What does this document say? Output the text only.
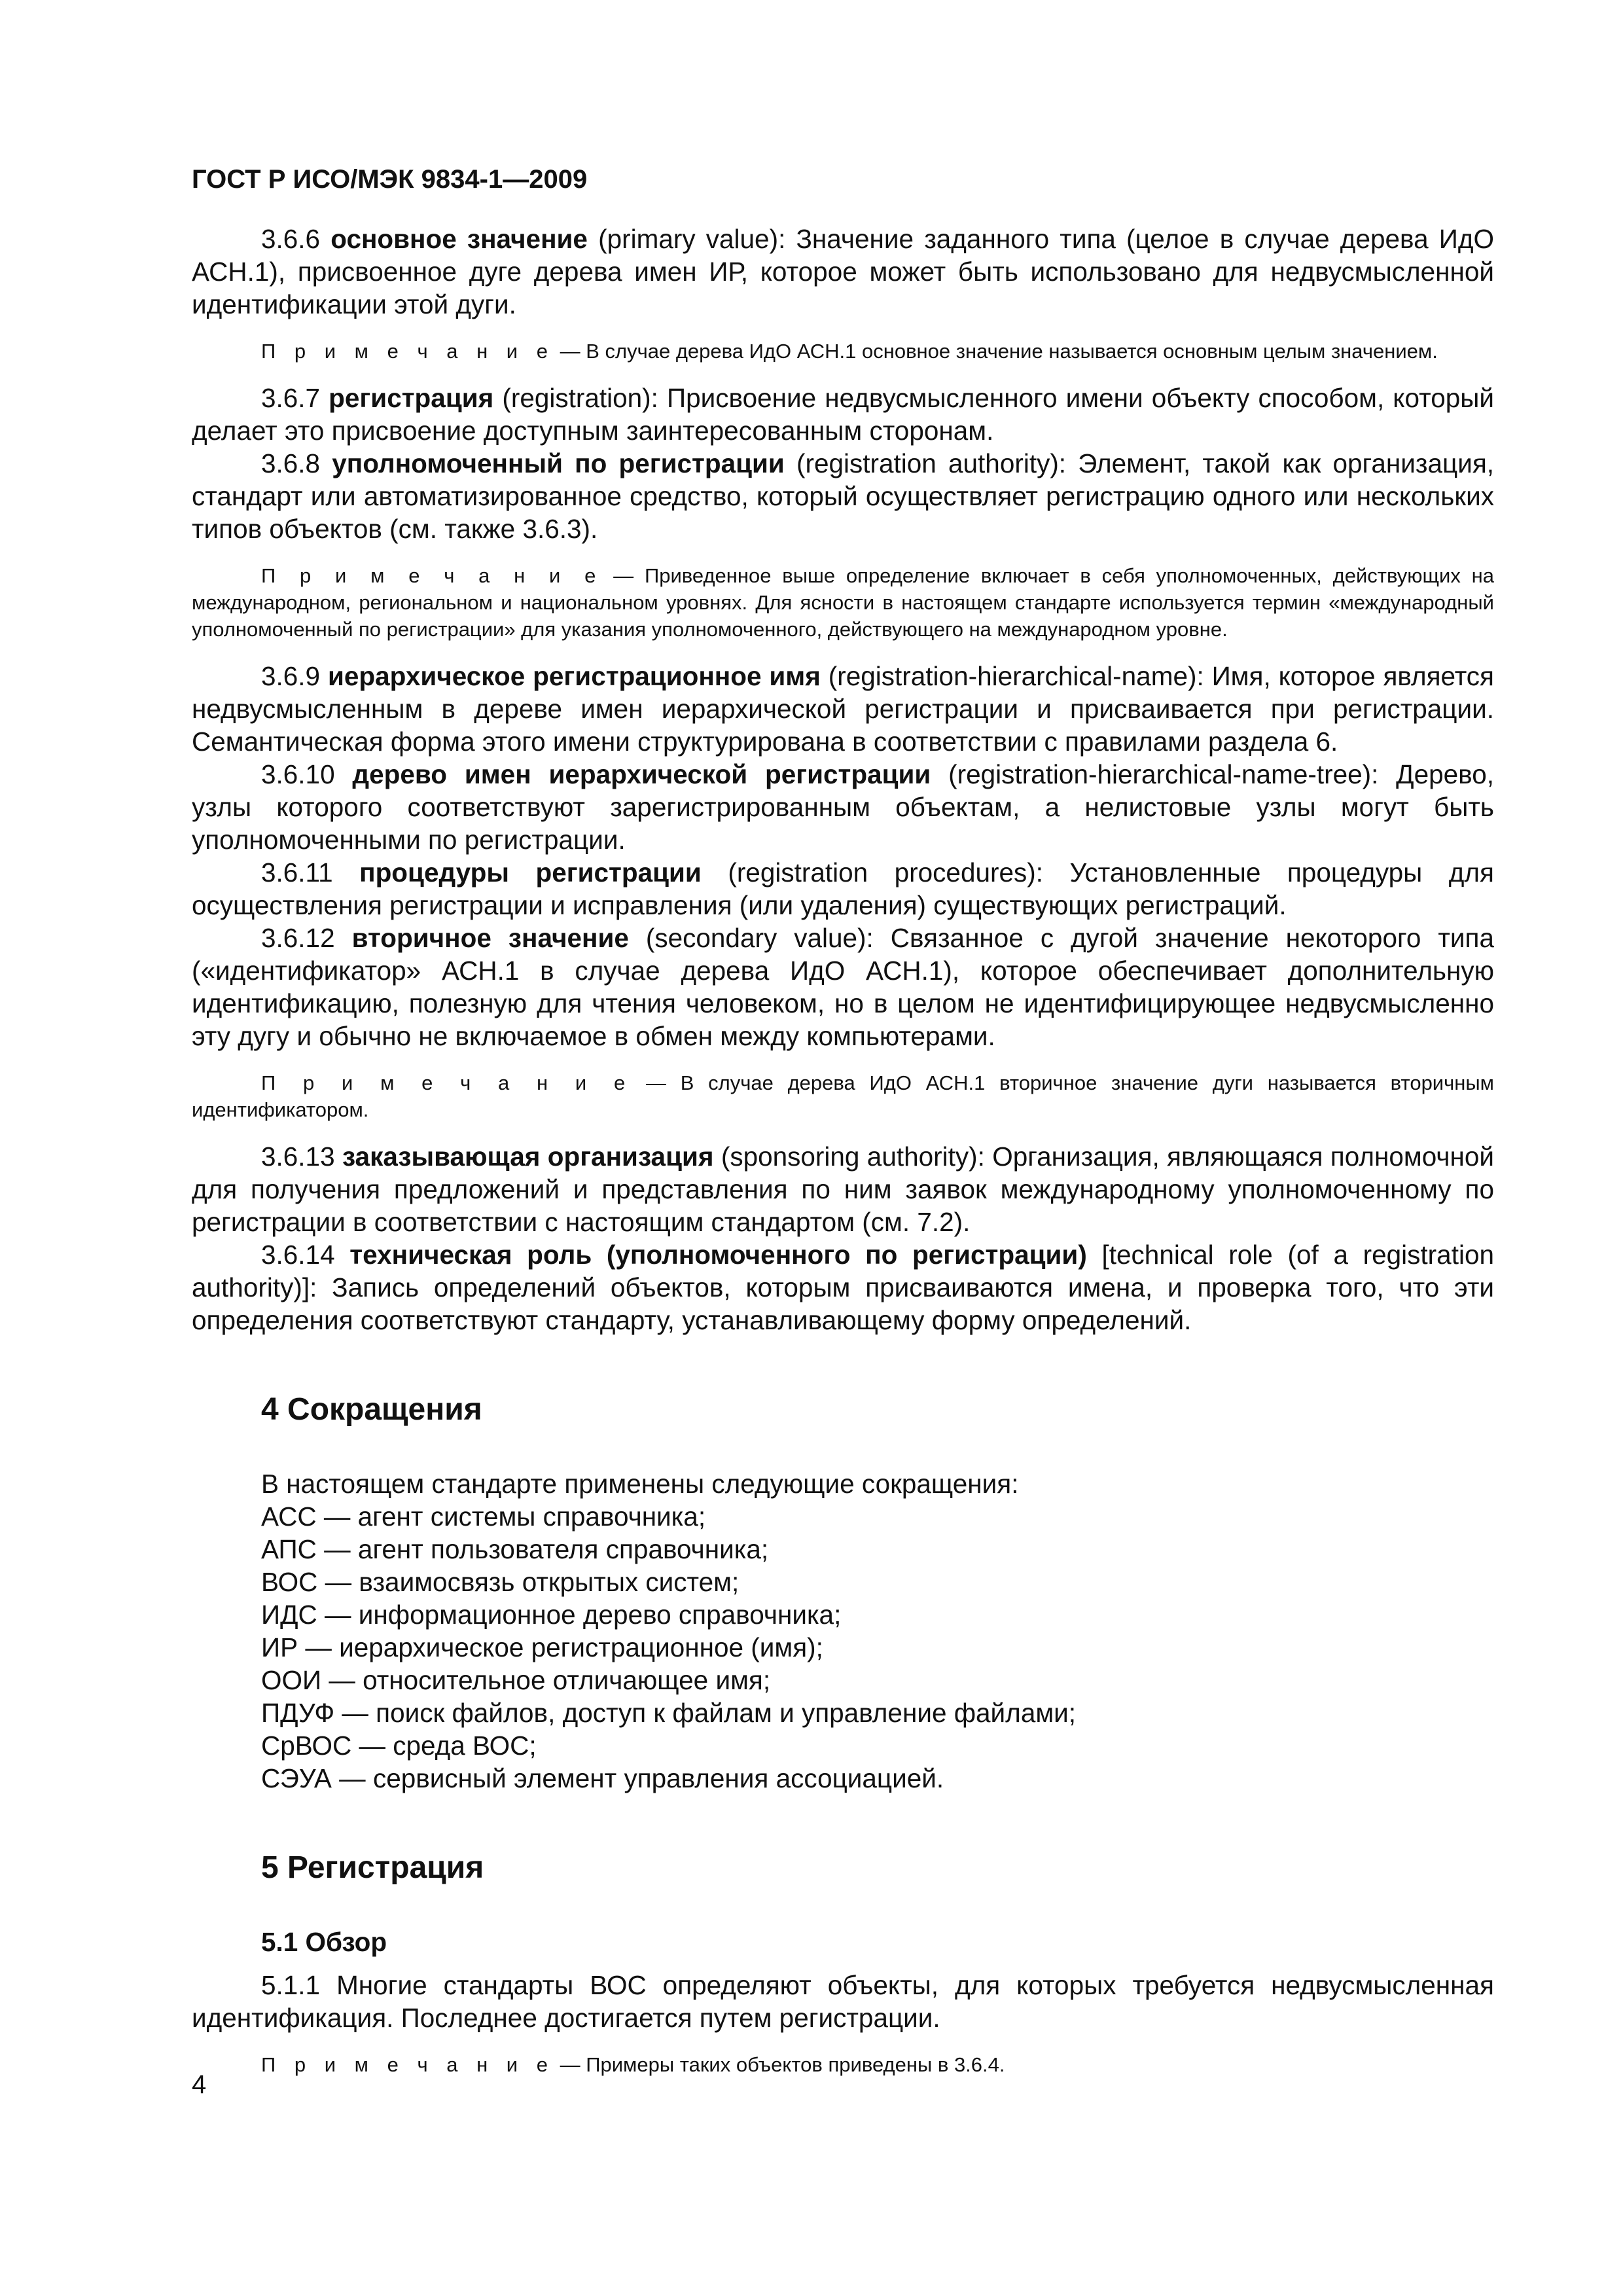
ГОСТ Р ИСО/МЭК 9834-1—2009

3.6.6 основное значение (primary value): Значение заданного типа (целое в случае дерева ИдО АСН.1), присвоенное дуге дерева имен ИР, которое может быть использовано для недвусмысленной идентификации этой дуги.

П р и м е ч а н и е — В случае дерева ИдО АСН.1 основное значение называется основным целым значением.

3.6.7 регистрация (registration): Присвоение недвусмысленного имени объекту способом, который делает это присвоение доступным заинтересованным сторонам.

3.6.8 уполномоченный по регистрации (registration authority): Элемент, такой как организация, стандарт или автоматизированное средство, который осуществляет регистрацию одного или нескольких типов объектов (см. также 3.6.3).

П р и м е ч а н и е — Приведенное выше определение включает в себя уполномоченных, действующих на международном, региональном и национальном уровнях. Для ясности в настоящем стандарте используется термин «международный уполномоченный по регистрации» для указания уполномоченного, действующего на международном уровне.

3.6.9 иерархическое регистрационное имя (registration-hierarchical-name): Имя, которое является недвусмысленным в дереве имен иерархической регистрации и присваивается при регистрации. Семантическая форма этого имени структурирована в соответствии с правилами раздела 6.

3.6.10 дерево имен иерархической регистрации (registration-hierarchical-name-tree): Дерево, узлы которого соответствуют зарегистрированным объектам, а нелистовые узлы могут быть уполномоченными по регистрации.

3.6.11 процедуры регистрации (registration procedures): Установленные процедуры для осуществления регистрации и исправления (или удаления) существующих регистраций.

3.6.12 вторичное значение (secondary value): Связанное с дугой значение некоторого типа («идентификатор» АСН.1 в случае дерева ИдО АСН.1), которое обеспечивает дополнительную идентификацию, полезную для чтения человеком, но в целом не идентифицирующее недвусмысленно эту дугу и обычно не включаемое в обмен между компьютерами.

П р и м е ч а н и е — В случае дерева ИдО АСН.1 вторичное значение дуги называется вторичным идентификатором.

3.6.13 заказывающая организация (sponsoring authority): Организация, являющаяся полномочной для получения предложений и представления по ним заявок международному уполномоченному по регистрации в соответствии с настоящим стандартом (см. 7.2).

3.6.14 техническая роль (уполномоченного по регистрации) [technical role (of a registration authority)]: Запись определений объектов, которым присваиваются имена, и проверка того, что эти определения соответствуют стандарту, устанавливающему форму определений.

4 Сокращения
В настоящем стандарте применены следующие сокращения:
АСС — агент системы справочника;
АПС — агент пользователя справочника;
ВОС — взаимосвязь открытых систем;
ИДС — информационное дерево справочника;
ИР — иерархическое регистрационное (имя);
ООИ — относительное отличающее имя;
ПДУФ — поиск файлов, доступ к файлам и управление файлами;
СрВОС — среда ВОС;
СЭУА — сервисный элемент управления ассоциацией.
5 Регистрация
5.1 Обзор

5.1.1 Многие стандарты ВОС определяют объекты, для которых требуется недвусмысленная идентификация. Последнее достигается путем регистрации.

П р и м е ч а н и е — Примеры таких объектов приведены в 3.6.4.

4
